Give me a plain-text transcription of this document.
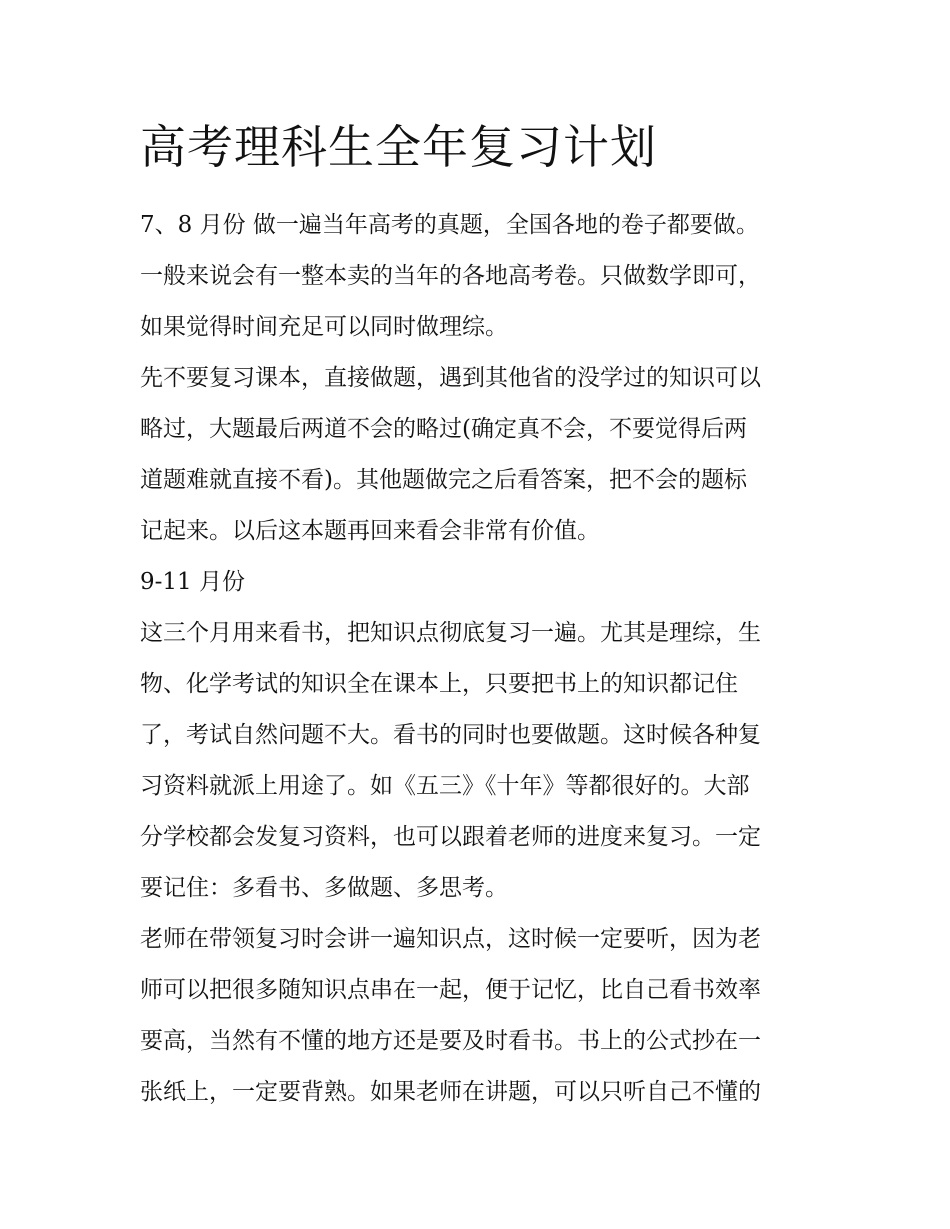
高考理科生全年复习计划

7、8 月份 做一遍当年高考的真题，全国各地的卷子都要做。
一般来说会有一整本卖的当年的各地高考卷。只做数学即可，
如果觉得时间充足可以同时做理综。

先不要复习课本，直接做题，遇到其他省的没学过的知识可以
略过，大题最后两道不会的略过(确定真不会，不要觉得后两
道题难就直接不看)。其他题做完之后看答案，把不会的题标
记起来。以后这本题再回来看会非常有价值。

9-11 月份

这三个月用来看书，把知识点彻底复习一遍。尤其是理综，生
物、化学考试的知识全在课本上，只要把书上的知识都记住
了，考试自然问题不大。看书的同时也要做题。这时候各种复
习资料就派上用途了。如《五三》《十年》等都很好的。大部
分学校都会发复习资料，也可以跟着老师的进度来复习。一定
要记住：多看书、多做题、多思考。

老师在带领复习时会讲一遍知识点，这时候一定要听，因为老
师可以把很多随知识点串在一起，便于记忆，比自己看书效率
要高，当然有不懂的地方还是要及时看书。书上的公式抄在一
张纸上，一定要背熟。如果老师在讲题，可以只听自己不懂的
